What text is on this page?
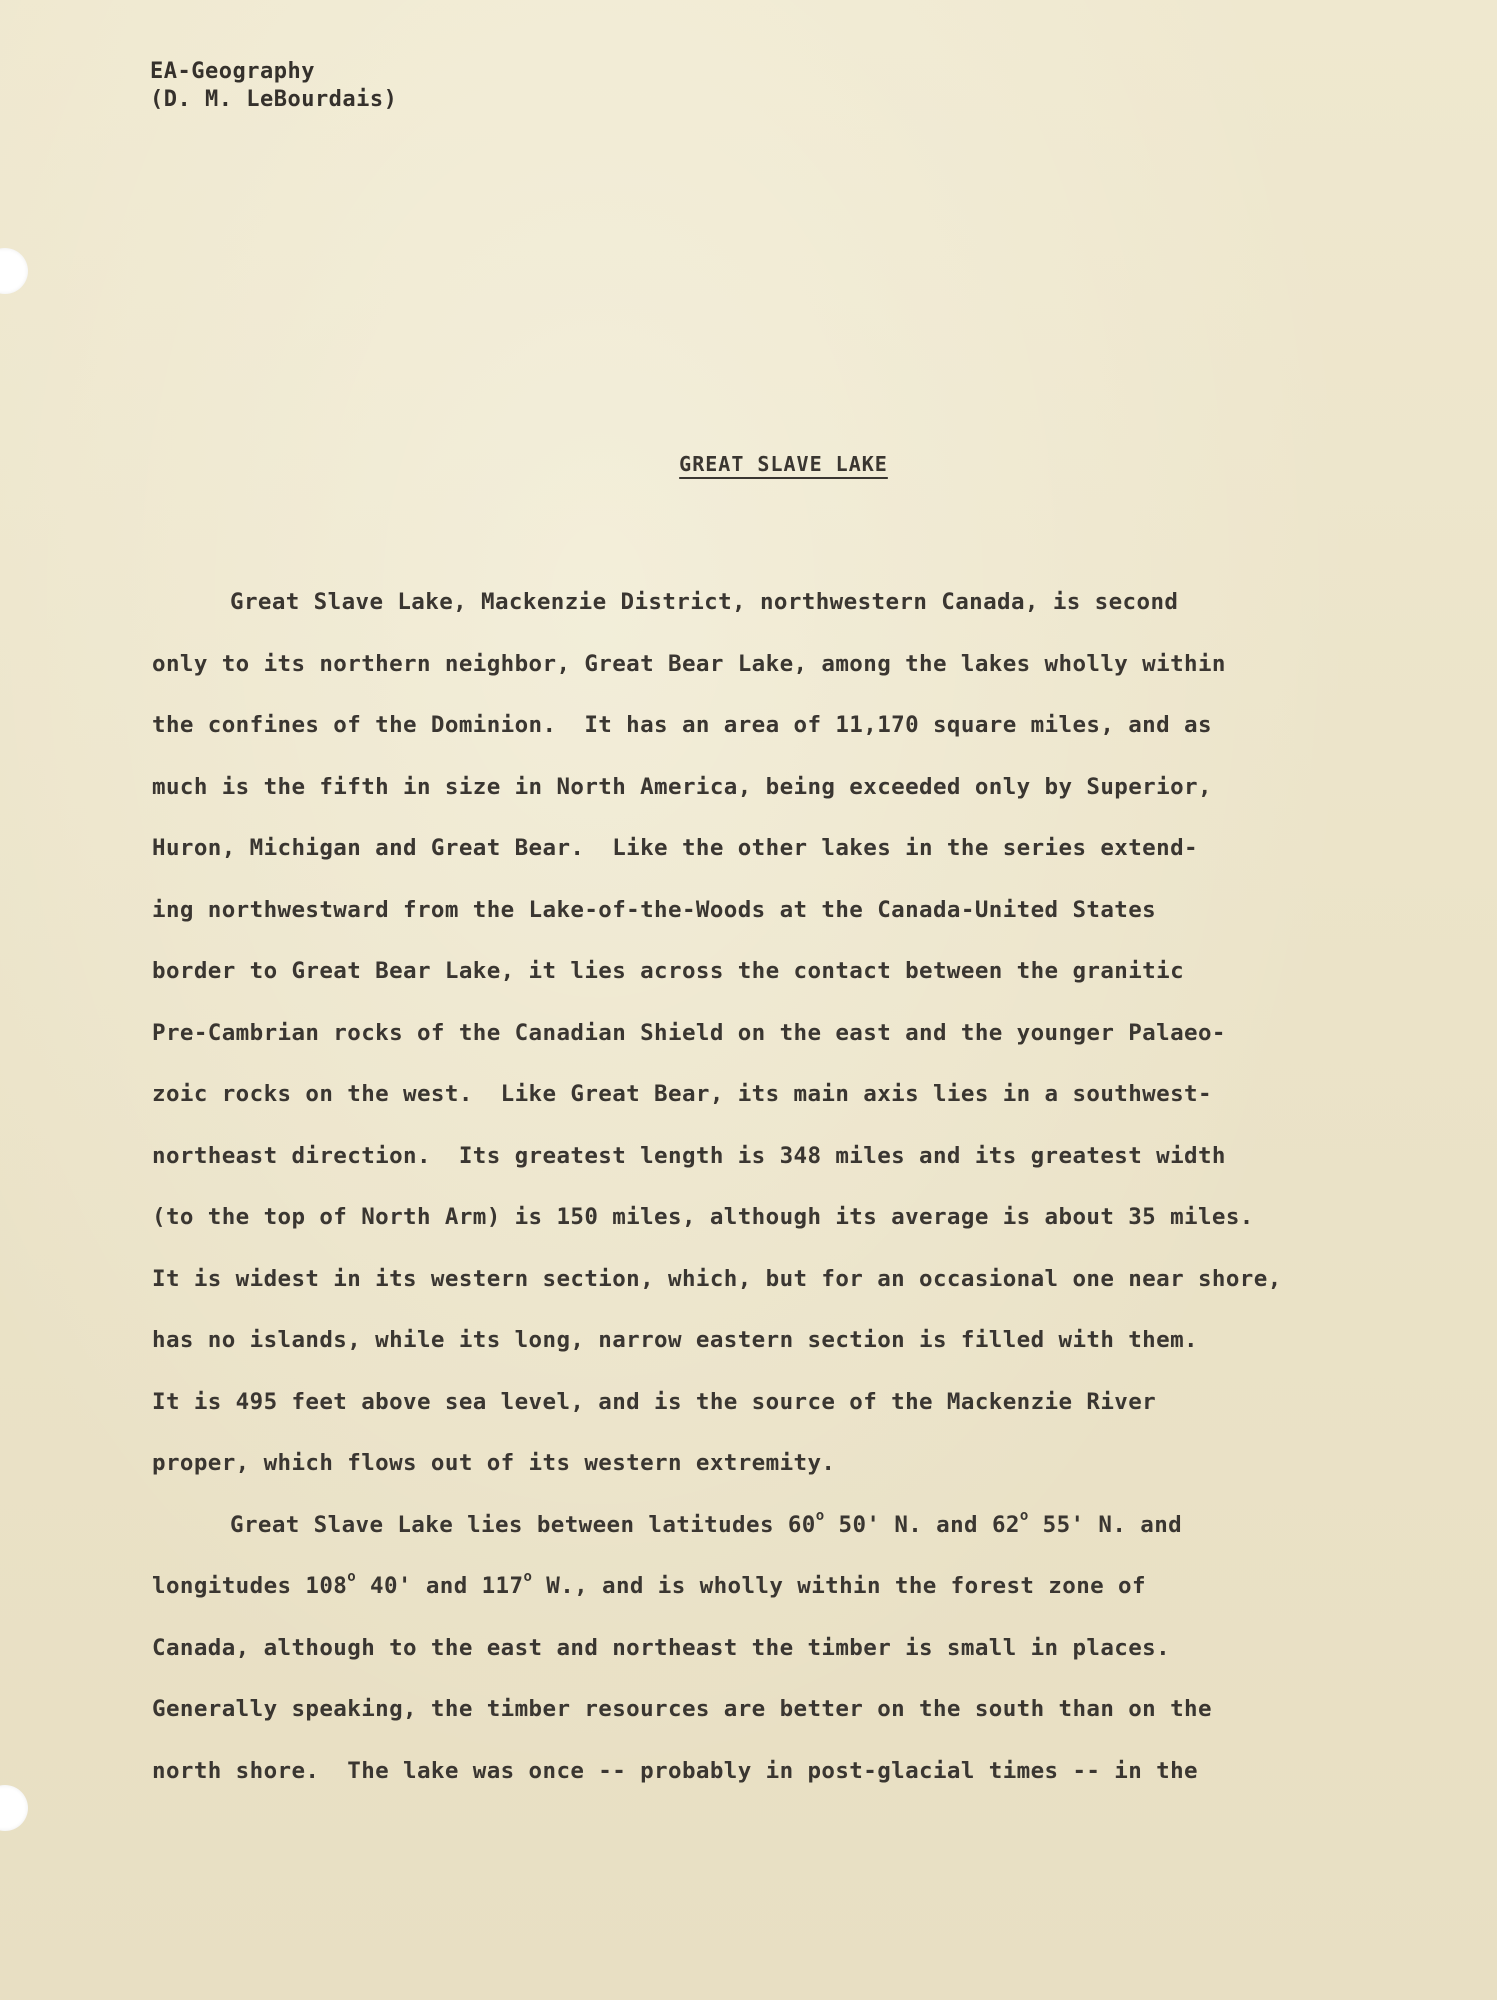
EA-Geography
(D. M. LeBourdais)
GREAT SLAVE LAKE
Great Slave Lake, Mackenzie District, northwestern Canada, is second
only to its northern neighbor, Great Bear Lake, among the lakes wholly within
the confines of the Dominion.  It has an area of 11,170 square miles, and as
much is the fifth in size in North America, being exceeded only by Superior,
Huron, Michigan and Great Bear.  Like the other lakes in the series extend-
ing northwestward from the Lake-of-the-Woods at the Canada-United States
border to Great Bear Lake, it lies across the contact between the granitic
Pre-Cambrian rocks of the Canadian Shield on the east and the younger Palaeo-
zoic rocks on the west.  Like Great Bear, its main axis lies in a southwest-
northeast direction.  Its greatest length is 348 miles and its greatest width
(to the top of North Arm) is 150 miles, although its average is about 35 miles.
It is widest in its western section, which, but for an occasional one near shore,
has no islands, while its long, narrow eastern section is filled with them.
It is 495 feet above sea level, and is the source of the Mackenzie River
proper, which flows out of its western extremity.
Great Slave Lake lies between latitudes 60$^o$ 50' N. and 62$^o$ 55' N. and
longitudes 108$^o$ 40' and 117$^o$ W., and is wholly within the forest zone of
Canada, although to the east and northeast the timber is small in places.
Generally speaking, the timber resources are better on the south than on the
north shore.  The lake was once -- probably in post-glacial times -- in the
